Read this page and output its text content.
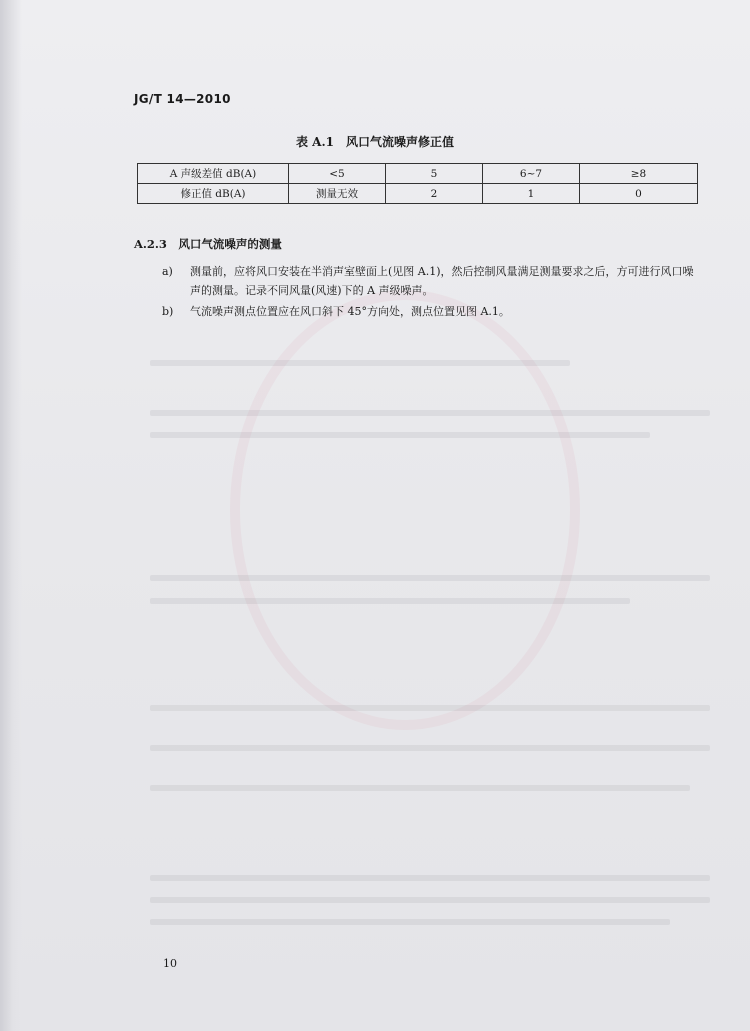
JG/T 14—2010
表 A.1　风口气流噪声修正值
A 声级差值 dB(A)	<5	5	6~7	≥8
修正值 dB(A)	测量无效	2	1	0
A.2.3　风口气流噪声的测量
a) 测量前，应将风口安装在半消声室壁面上(见图 A.1)，然后控制风量满足测量要求之后，方可进行风口噪声的测量。记录不同风量(风速)下的 A 声级噪声。
b) 气流噪声测点位置应在风口斜下 45°方向处，测点位置见图 A.1。
10
